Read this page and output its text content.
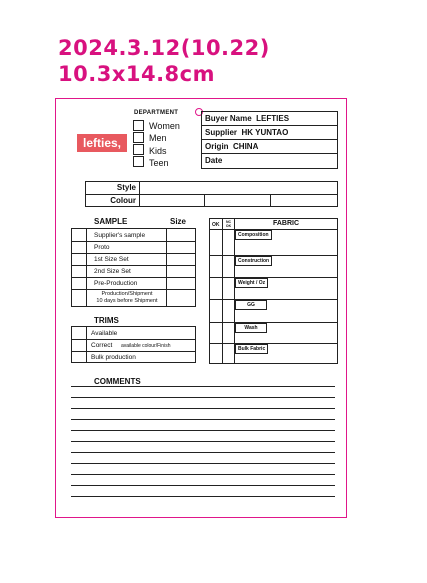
2024.3.12(10.22)
10.3x14.8cm
lefties,
DEPARTMENT
Women
Men
Kids
Teen
Buyer Name LEFTIES
Supplier HK YUNTAO
Origin CHINA
Date
Style
Colour
SAMPLE	Size
Supplier's sample
Proto
1st Size Set
2nd Size Set
Pre-Production
Production/Shipment
10 days before Shipment
TRIMS
Available
Correct available colour/Finish
Bulk production
OK	NC OK	FABRIC
Composition
Construction
Weight / Oz
GG
Wash
Bulk Fabric
COMMENTS
